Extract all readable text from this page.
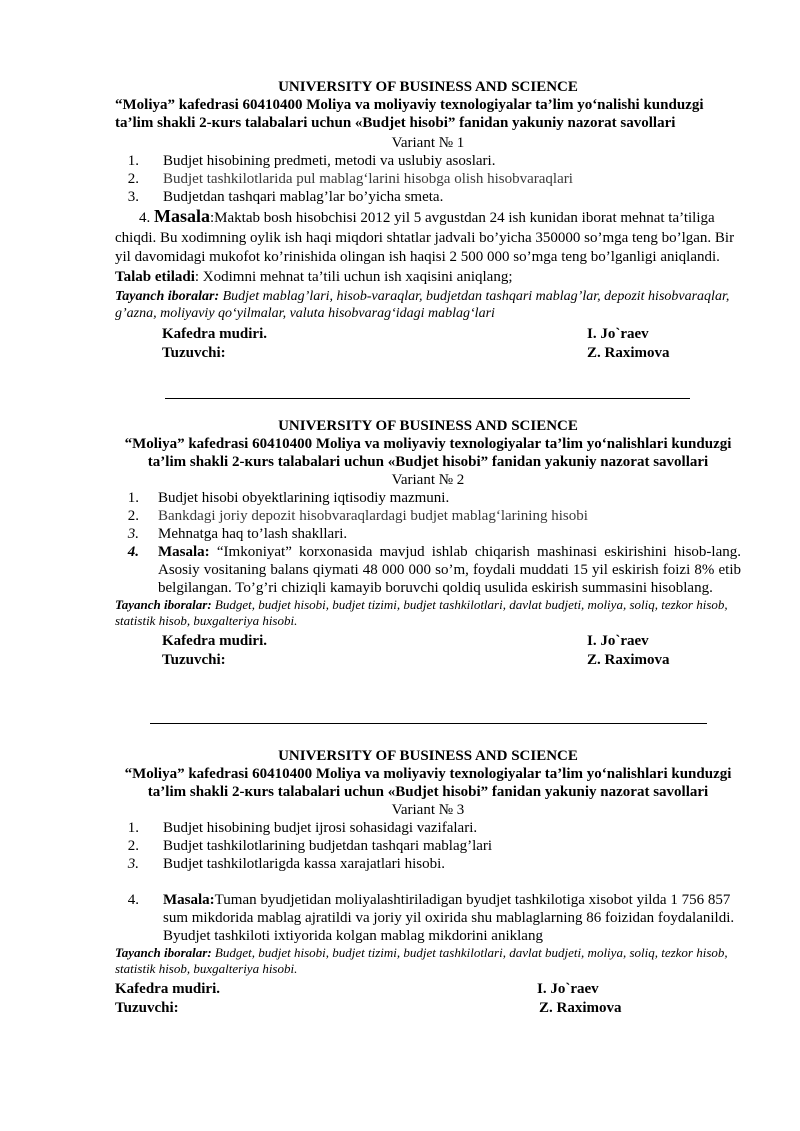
UNIVERSITY OF BUSINESS AND SCIENCE
“Moliya” kafedrasi 60410400 Moliya va moliyaviy texnologiyalar ta’lim yo‘nalishi kunduzgi ta’lim shakli 2-кurs talabalari uchun «Budjet hisobi” fanidan yakuniy nazorat savollari
Variant № 1
1. Budjet hisobining predmeti, metodi va uslubiy asoslari.
2. Budjet tashkilotlarida pul mablag‘larini hisobga olish hisobvaraqlari
3. Budjetdan tashqari mablag’lar bo’yicha smeta.
4. Masala:Maktab bosh hisobchisi 2012 yil 5 avgustdan 24 ish kunidan iborat mehnat ta’tiliga chiqdi. Bu xodimning oylik ish haqi miqdori shtatlar jadvali bo’yicha 350000 so’mga teng bo’lgan. Bir yil davomidagi mukofot ko’rinishida olingan ish haqisi 2 500 000 so’mga teng bo’lganligi aniqlandi. Talab etiladi: Xodimni mehnat ta’tili uchun ish xaqisini aniqlang;
Tayanch iboralar: Budjet mablag’lari, hisob-varaqlar, budjetdan tashqari mablag’lar, depozit hisobvaraqlar, g’azna, moliyaviy qo‘yilmalar, valuta hisobvarag‘idagi mablag‘lari
Kafedra mudiri.	I. Jo`raev
Tuzuvchi:	Z. Raximova
UNIVERSITY OF BUSINESS AND SCIENCE
“Moliya” kafedrasi 60410400 Moliya va moliyaviy texnologiyalar ta’lim yo‘nalishlari kunduzgi ta’lim shakli 2-кurs talabalari uchun «Budjet hisobi” fanidan yakuniy nazorat savollari
Variant № 2
1. Budjet hisobi obyektlarining iqtisodiy mazmuni.
2. Bankdagi joriy depozit hisobvaraqlardagi budjet mablag‘larining hisobi
3. Mehnatga haq to’lash shakllari.
4. Masala: “Imkoniyat” korxonasida mavjud ishlab chiqarish mashinasi eskirishini hisob-lang. Asosiy vositaning balans qiymati 48 000 000 so’m, foydali muddati 15 yil eskirish foizi 8% etib belgilangan. To’g’ri chiziqli kamayib boruvchi qoldiq usulida eskirish summasini hisoblang.
Tayanch iboralar: Budget, budjet hisobi, budjet tizimi, budjet tashkilotlari, davlat budjeti, moliya, soliq, tezkor hisob, statistik hisob, buxgalteriya hisobi.
Kafedra mudiri.	I. Jo`raev
Tuzuvchi:	Z. Raximova
UNIVERSITY OF BUSINESS AND SCIENCE
“Moliya” kafedrasi 60410400 Moliya va moliyaviy texnologiyalar ta’lim yo‘nalishlari kunduzgi ta’lim shakli 2-кurs talabalari uchun «Budjet hisobi” fanidan yakuniy nazorat savollari
Variant № 3
1. Budjet hisobining budjet ijrosi sohasidagi vazifalari.
2. Budjet tashkilotlarining budjetdan tashqari mablag’lari
3. Budjet tashkilotlarigda kassa xarajatlari hisobi.
4. Masala:Tuman byudjetidan moliyalashtiriladigan byudjet tashkilotiga xisobot yilda 1 756 857 sum mikdorida mablag ajratildi va joriy yil oxirida shu mablaglarning 86 foizidan foydalanildi. Byudjet tashkiloti ixtiyorida kolgan mablag mikdorini aniklang
Tayanch iboralar: Budget, budjet hisobi, budjet tizimi, budjet tashkilotlari, davlat budjeti, moliya, soliq, tezkor hisob, statistik hisob, buxgalteriya hisobi.
Kafedra mudiri.	I. Jo`raev
Tuzuvchi:	Z. Raximova
